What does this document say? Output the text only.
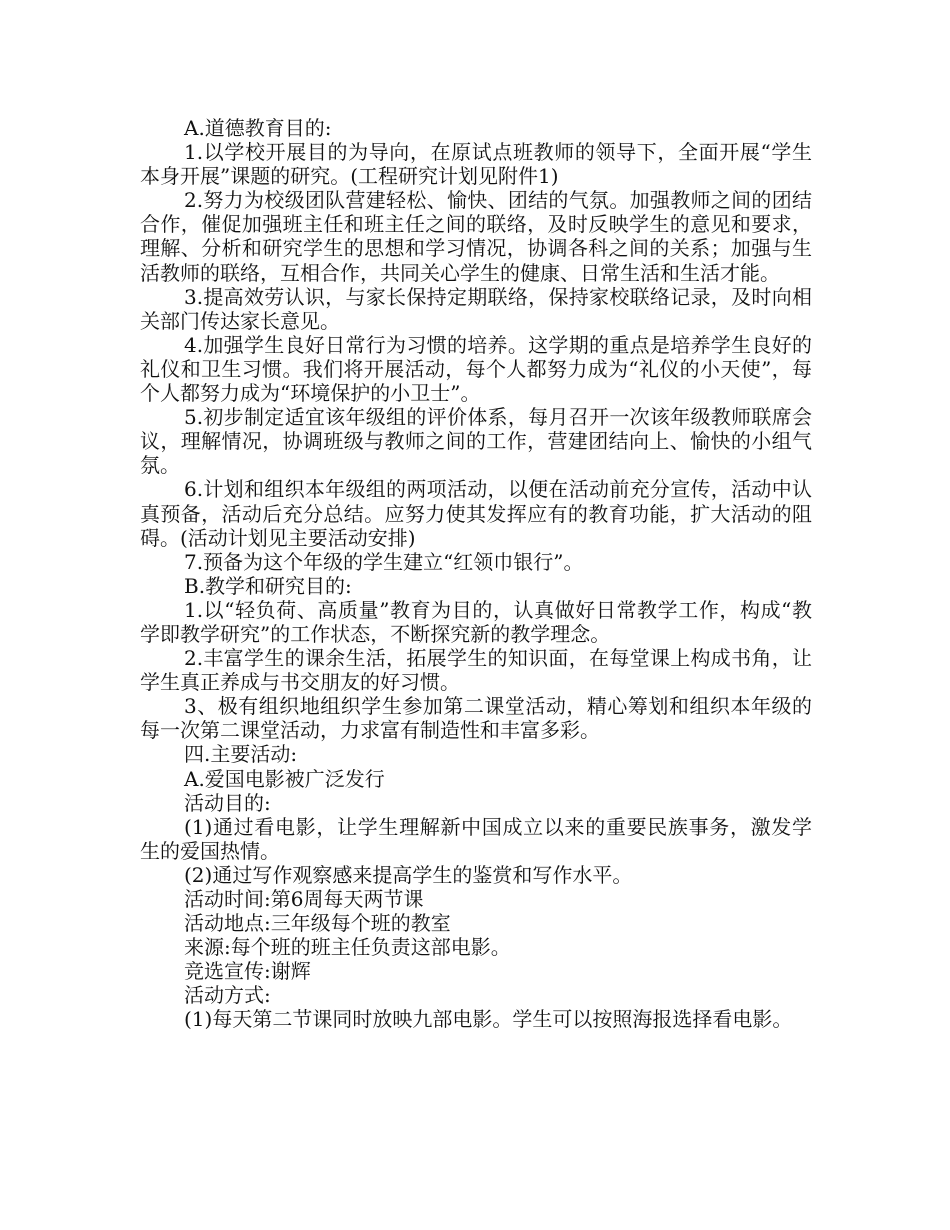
A.道德教育目的:

1.以学校开展目的为导向，在原试点班教师的领导下，全面开展“学生本身开展”课题的研究。(工程研究计划见附件1)

2.努力为校级团队营建轻松、愉快、团结的气氛。加强教师之间的团结合作，催促加强班主任和班主任之间的联络，及时反映学生的意见和要求，理解、分析和研究学生的思想和学习情况，协调各科之间的关系；加强与生活教师的联络，互相合作，共同关心学生的健康、日常生活和生活才能。

3.提高效劳认识，与家长保持定期联络，保持家校联络记录，及时向相关部门传达家长意见。

4.加强学生良好日常行为习惯的培养。这学期的重点是培养学生良好的礼仪和卫生习惯。我们将开展活动，每个人都努力成为“礼仪的小天使”，每个人都努力成为“环境保护的小卫士”。

5.初步制定适宜该年级组的评价体系，每月召开一次该年级教师联席会议，理解情况，协调班级与教师之间的工作，营建团结向上、愉快的小组气氛。

6.计划和组织本年级组的两项活动，以便在活动前充分宣传，活动中认真预备，活动后充分总结。应努力使其发挥应有的教育功能，扩大活动的阻碍。(活动计划见主要活动安排)

7.预备为这个年级的学生建立“红领巾银行”。

B.教学和研究目的:

1.以“轻负荷、高质量”教育为目的，认真做好日常教学工作，构成“教学即教学研究”的工作状态，不断探究新的教学理念。

2.丰富学生的课余生活，拓展学生的知识面，在每堂课上构成书角，让学生真正养成与书交朋友的好习惯。

3、极有组织地组织学生参加第二课堂活动，精心筹划和组织本年级的每一次第二课堂活动，力求富有制造性和丰富多彩。

四.主要活动:

A.爱国电影被广泛发行

活动目的:

(1)通过看电影，让学生理解新中国成立以来的重要民族事务，激发学生的爱国热情。

(2)通过写作观察感来提高学生的鉴赏和写作水平。

活动时间:第6周每天两节课

活动地点:三年级每个班的教室

来源:每个班的班主任负责这部电影。

竞选宣传:谢辉

活动方式:

(1)每天第二节课同时放映九部电影。学生可以按照海报选择看电影。
